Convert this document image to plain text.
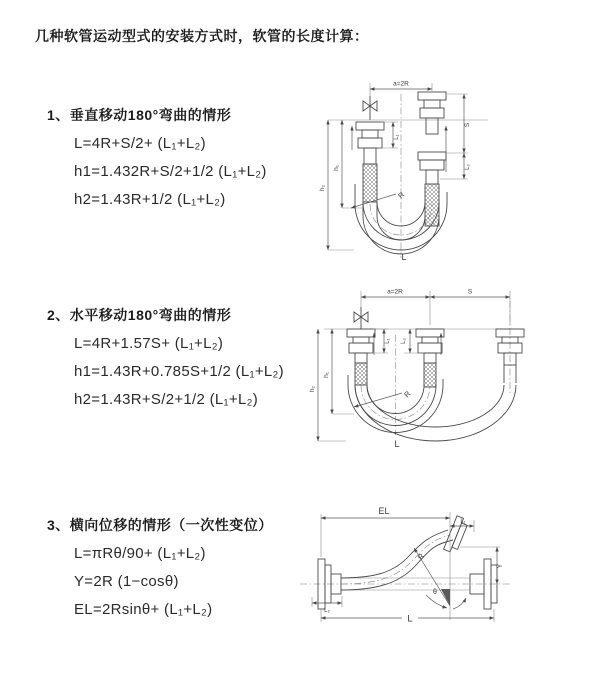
几种软管运动型式的安装方式时，软管的长度计算：
1、垂直移动180°弯曲的情形
L=4R+S/2+ (L₁+L₂)
h1=1.432R+S/2+1/2 (L₁+L₂)
h2=1.43R+1/2 (L₁+L₂)
2、水平移动180°弯曲的情形
L=4R+1.57S+ (L₁+L₂)
h1=1.43R+0.785S+1/2 (L₁+L₂)
h2=1.43R+S/2+1/2 (L₁+L₂)
3、横向位移的情形（一次性变位）
L=πRθ/90+ (L₁+L₂)
Y=2R (1−cosθ)
EL=2Rsinθ+ (L₁+L₂)
a=2R
h₁
h₂
L₁
S
L₂
R
L
a=2R	S
h₁
h₂
L₁ L₂
R
L
EL
L₁
Y
L
L₂
R
θ
